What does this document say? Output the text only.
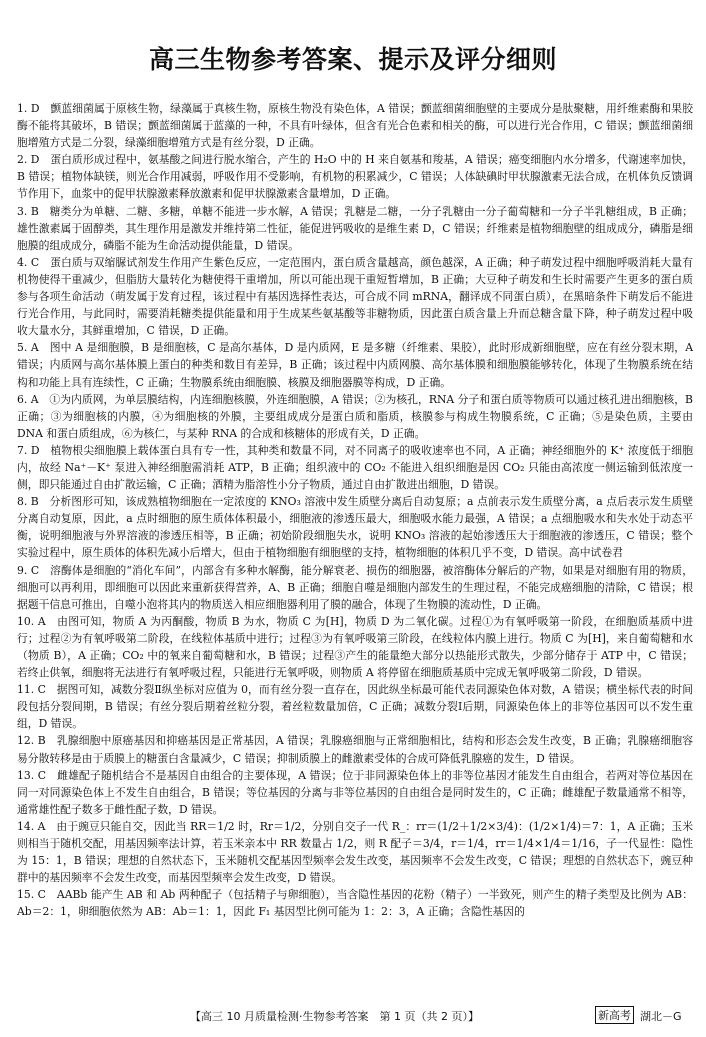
高三生物参考答案、提示及评分细则

1. D　颤蓝细菌属于原核生物，绿藻属于真核生物，原核生物没有染色体，A 错误；颤蓝细菌细胞壁的主要成分是肽聚糖，用纤维素酶和果胶酶不能将其破坏，B 错误；颤蓝细菌属于蓝藻的一种，不具有叶绿体，但含有光合色素和相关的酶，可以进行光合作用，C 错误；颤蓝细菌细胞增殖方式是二分裂，绿藻细胞增殖方式是有丝分裂，D 正确。

2. D　蛋白质形成过程中，氨基酸之间进行脱水缩合，产生的 H₂O 中的 H 来自氨基和羧基，A 错误；癌变细胞内水分增多，代谢速率加快，B 错误；植物体缺镁，则光合作用减弱，呼吸作用不受影响，有机物的积累减少，C 错误；人体缺碘时甲状腺激素无法合成，在机体负反馈调节作用下，血浆中的促甲状腺激素释放激素和促甲状腺激素含量增加，D 正确。

3. B　糖类分为单糖、二糖、多糖，单糖不能进一步水解，A 错误；乳糖是二糖，一分子乳糖由一分子葡萄糖和一分子半乳糖组成，B 正确；雄性激素属于固醇类，其生理作用是激发并维持第二性征，能促进钙吸收的是维生素 D，C 错误；纤维素是植物细胞壁的组成成分，磷脂是细胞膜的组成成分，磷脂不能为生命活动提供能量，D 错误。

4. C　蛋白质与双缩脲试剂发生作用产生紫色反应，一定范围内，蛋白质含量越高，颜色越深，A 正确；种子萌发过程中细胞呼吸消耗大量有机物使得干重减少，但脂肪大量转化为糖使得干重增加，所以可能出现干重短暂增加，B 正确；大豆种子萌发和生长时需要产生更多的蛋白质参与各项生命活动（萌发属于发育过程，该过程中有基因选择性表达，可合成不同 mRNA，翻译成不同蛋白质），在黑暗条件下萌发后不能进行光合作用，与此同时，需要消耗糖类提供能量和用于生成某些氨基酸等非糖物质，因此蛋白质含量上升而总糖含量下降，种子萌发过程中吸收大量水分，其鲜重增加，C 错误，D 正确。

5. A　图中 A 是细胞膜，B 是细胞核，C 是高尔基体，D 是内质网，E 是多糖（纤维素、果胶），此时形成新细胞壁，应在有丝分裂末期，A 错误；内质网与高尔基体膜上蛋白的种类和数目有差异，B 正确；该过程中内质网膜、高尔基体膜和细胞膜能够转化，体现了生物膜系统在结构和功能上具有连续性，C 正确；生物膜系统由细胞膜、核膜及细胞器膜等构成，D 正确。

6. A　①为内质网，为单层膜结构，内连细胞核膜，外连细胞膜，A 错误；②为核孔，RNA 分子和蛋白质等物质可以通过核孔进出细胞核，B 正确；③为细胞核的内膜，④为细胞核的外膜，主要组成成分是蛋白质和脂质，核膜参与构成生物膜系统，C 正确；⑤是染色质，主要由 DNA 和蛋白质组成，⑥为核仁，与某种 RNA 的合成和核糖体的形成有关，D 正确。

7. D　植物根尖细胞膜上载体蛋白具有专一性，其种类和数量不同，对不同离子的吸收速率也不同，A 正确；神经细胞外的 K⁺ 浓度低于细胞内，故经 Na⁺－K⁺ 泵进入神经细胞需消耗 ATP，B 正确；组织液中的 CO₂ 不能进入组织细胞是因 CO₂ 只能由高浓度一侧运输到低浓度一侧，即只能通过自由扩散运输，C 正确；酒精为脂溶性小分子物质，通过自由扩散进出细胞，D 错误。

8. B　分析图形可知，该成熟植物细胞在一定浓度的 KNO₃ 溶液中发生质壁分离后自动复原；a 点前表示发生质壁分离，a 点后表示发生质壁分离自动复原，因此，a 点时细胞的原生质体体积最小，细胞液的渗透压最大，细胞吸水能力最强，A 错误；a 点细胞吸水和失水处于动态平衡，说明细胞液与外界溶液的渗透压相等，B 正确；初始阶段细胞失水，说明 KNO₃ 溶液的起始渗透压大于细胞液的渗透压，C 错误；整个实验过程中，原生质体的体积先减小后增大，但由于植物细胞有细胞壁的支持，植物细胞的体积几乎不变，D 错误。高中试卷君

9. C　溶酶体是细胞的“消化车间”，内部含有多种水解酶，能分解衰老、损伤的细胞器，被溶酶体分解后的产物，如果是对细胞有用的物质，细胞可以再利用，即细胞可以因此来重新获得营养，A、B 正确；细胞自噬是细胞内部发生的生理过程，不能完成癌细胞的清除，C 错误；根据题干信息可推出，自噬小泡将其内的物质送入相应细胞器利用了膜的融合，体现了生物膜的流动性，D 正确。

10. A　由图可知，物质 A 为丙酮酸，物质 B 为水，物质 C 为[H]，物质 D 为二氧化碳。过程①为有氧呼吸第一阶段，在细胞质基质中进行；过程②为有氧呼吸第二阶段，在线粒体基质中进行；过程③为有氧呼吸第三阶段，在线粒体内膜上进行。物质 C 为[H]，来自葡萄糖和水（物质 B），A 正确；CO₂ 中的氧来自葡萄糖和水，B 错误；过程③产生的能量绝大部分以热能形式散失，少部分储存于 ATP 中，C 错误；若终止供氧，细胞将无法进行有氧呼吸过程，只能进行无氧呼吸，则物质 A 将停留在细胞质基质中完成无氧呼吸第二阶段，D 错误。

11. C　据图可知，减数分裂Ⅱ纵坐标对应值为 0，而有丝分裂一直存在，因此纵坐标最可能代表同源染色体对数，A 错误；横坐标代表的时间段包括分裂间期，B 错误；有丝分裂后期着丝粒分裂，着丝粒数量加倍，C 正确；减数分裂Ⅰ后期，同源染色体上的非等位基因可以不发生重组，D 错误。

12. B　乳腺细胞中原癌基因和抑癌基因是正常基因，A 错误；乳腺癌细胞与正常细胞相比，结构和形态会发生改变，B 正确；乳腺癌细胞容易分散转移是由于质膜上的糖蛋白含量减少，C 错误；抑制质膜上的雌激素受体的合成可降低乳腺癌的发生，D 错误。

13. C　雌雄配子随机结合不是基因自由组合的主要体现，A 错误；位于非同源染色体上的非等位基因才能发生自由组合，若两对等位基因在同一对同源染色体上不发生自由组合，B 错误；等位基因的分离与非等位基因的自由组合是同时发生的，C 正确；雌雄配子数量通常不相等，通常雄性配子数多于雌性配子数，D 错误。

14. A　由于豌豆只能自交，因此当 RR＝1/2 时，Rr＝1/2，分别自交子一代 R_：rr＝(1/2＋1/2×3/4)：(1/2×1/4)＝7：1，A 正确；玉米则相当于随机交配，用基因频率法计算，若玉米亲本中 RR 数量占 1/2，则 R 配子＝3/4，r＝1/4，rr＝1/4×1/4＝1/16，子一代显性：隐性为 15：1，B 错误；理想的自然状态下，玉米随机交配基因型频率会发生改变，基因频率不会发生改变，C 错误；理想的自然状态下，豌豆种群中的基因频率不会发生改变，而基因型频率会发生改变，D 错误。

15. C　AABb 能产生 AB 和 Ab 两种配子（包括精子与卵细胞），当含隐性基因的花粉（精子）一半致死，则产生的精子类型及比例为 AB：Ab＝2：1，卵细胞依然为 AB：Ab＝1：1，因此 F₁ 基因型比例可能为 1：2：3，A 正确；含隐性基因的

【高三 10 月质量检测·生物参考答案　第 1 页（共 2 页）】	新高考 湖北－G
